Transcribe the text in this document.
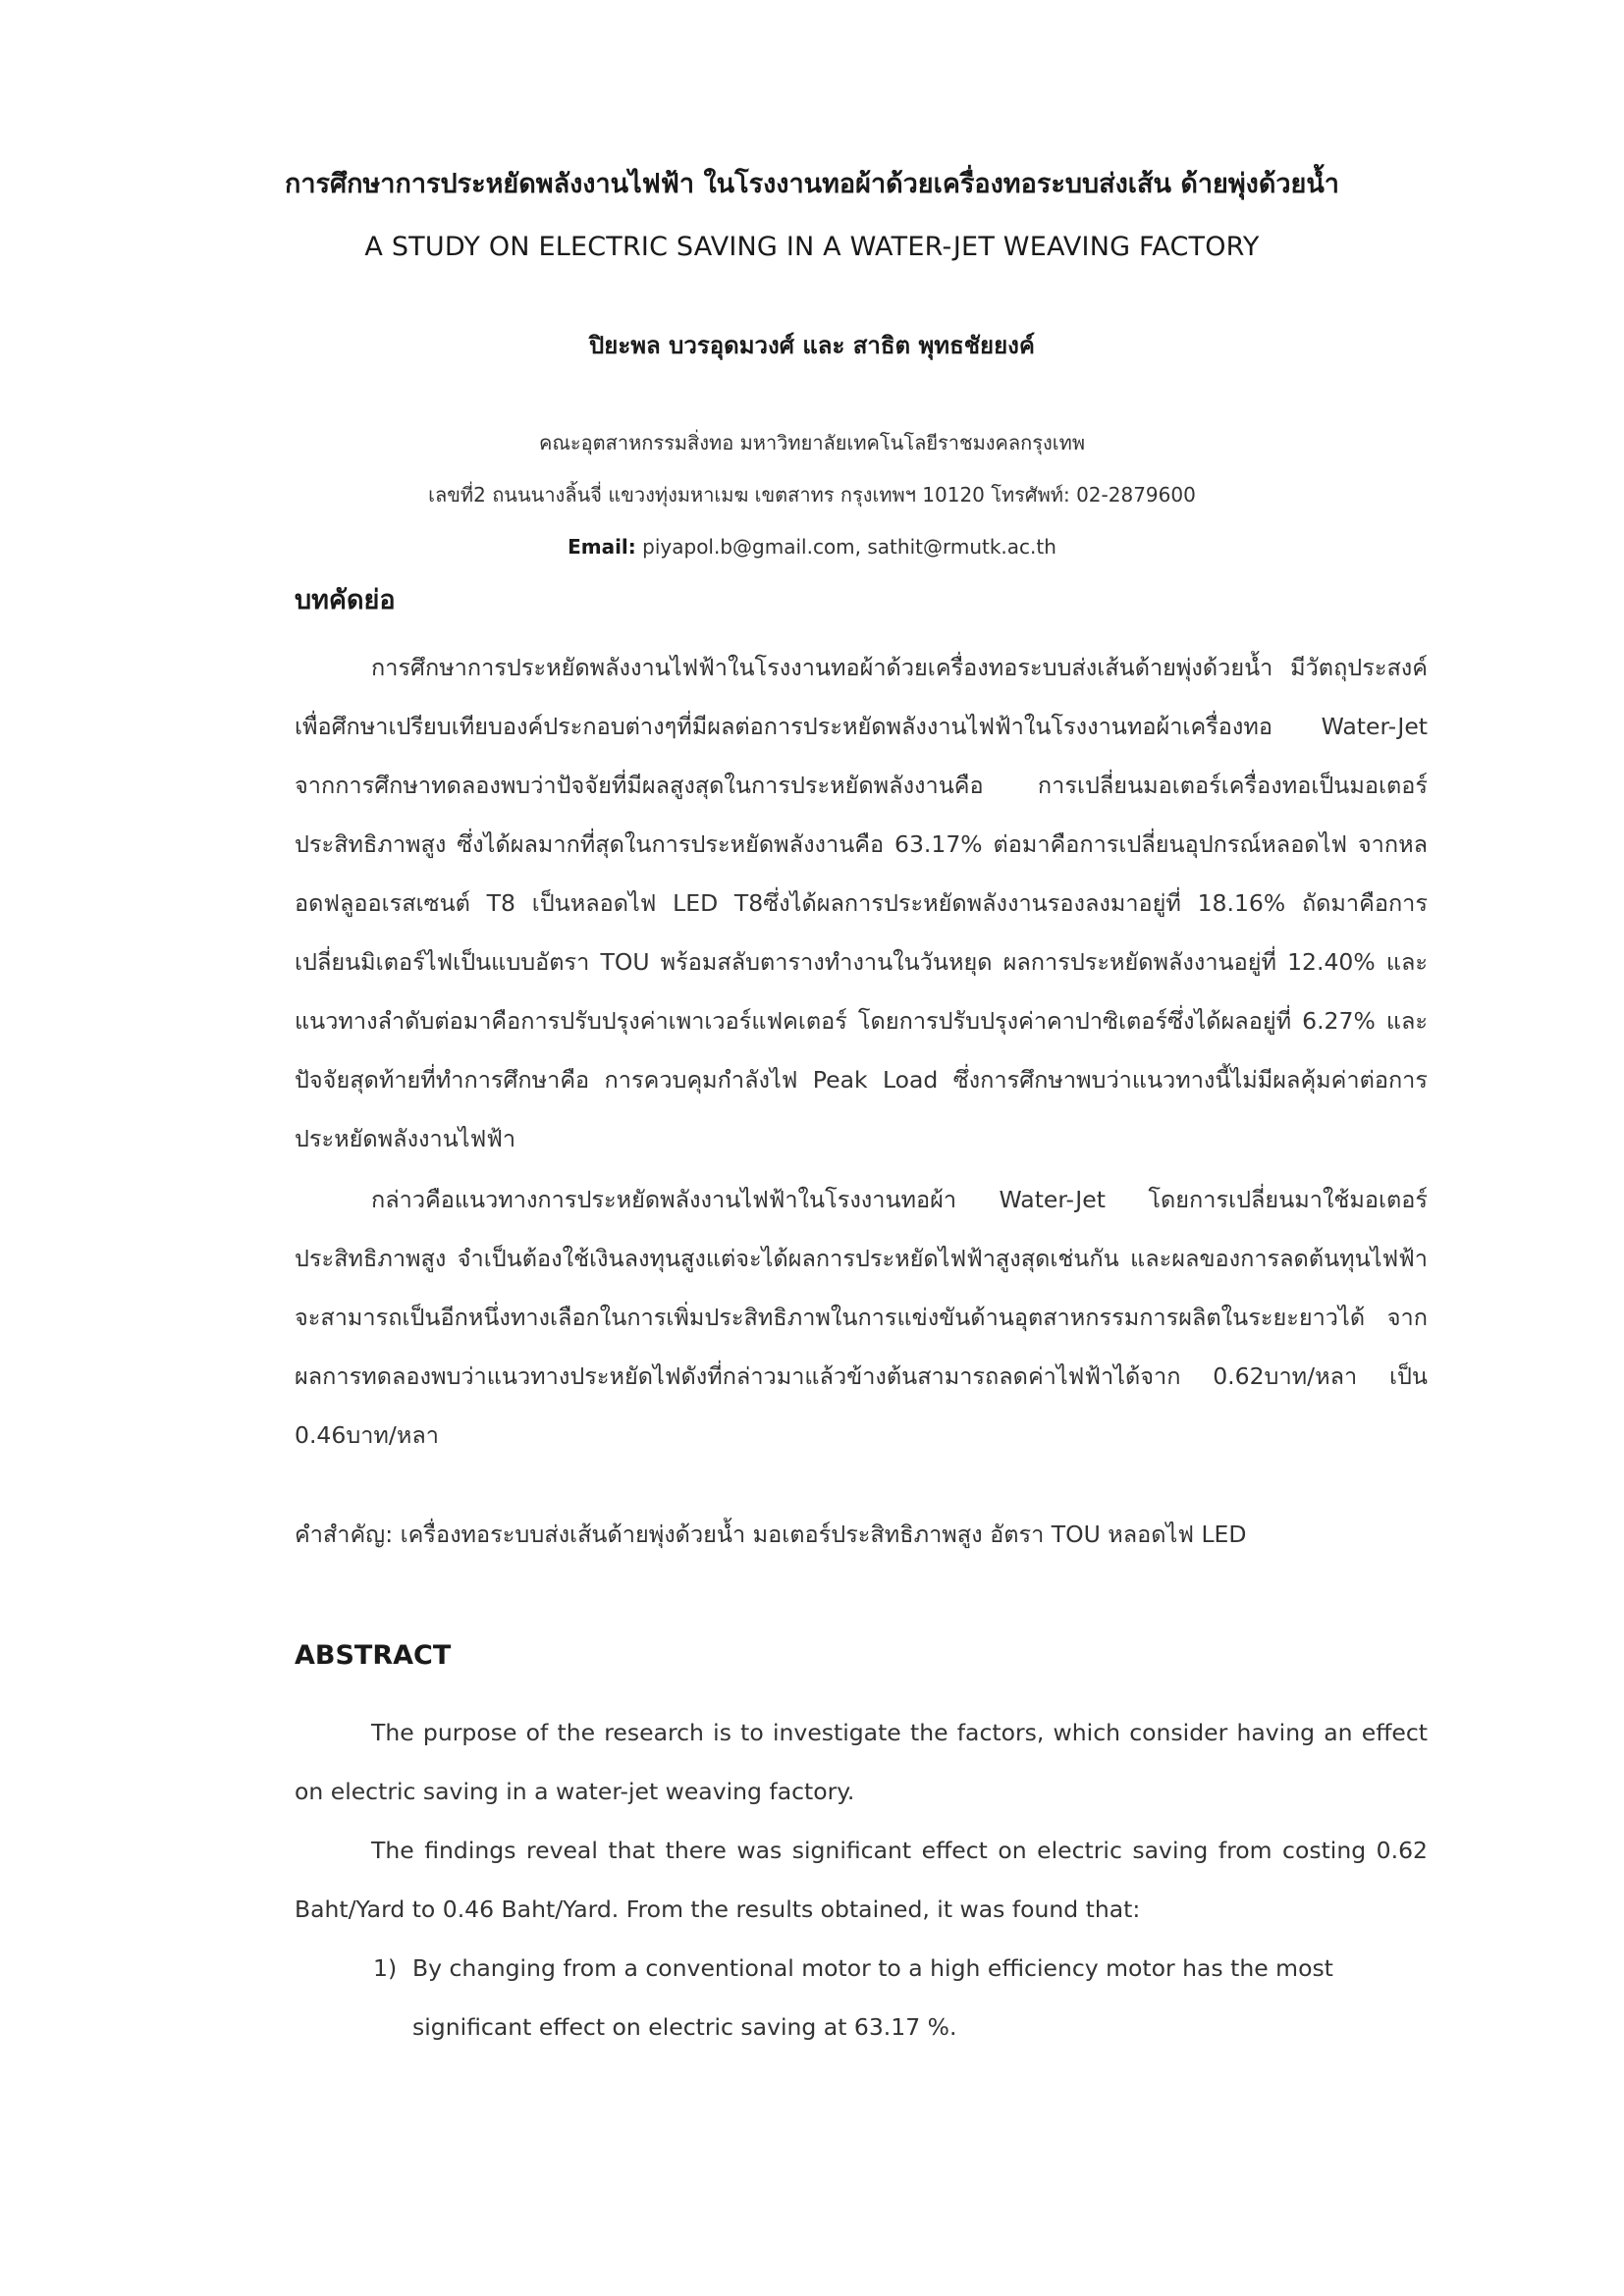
การศึกษาการประหยัดพลังงานไฟฟ้า ในโรงงานทอผ้าด้วยเครื่องทอระบบส่งเส้น ด้ายพุ่งด้วยน้ำ
A STUDY ON ELECTRIC SAVING IN A WATER-JET WEAVING FACTORY
ปิยะพล บวรอุดมวงศ์ และ สาธิต พุทธชัยยงค์
คณะอุตสาหกรรมสิ่งทอ มหาวิทยาลัยเทคโนโลยีราชมงคลกรุงเทพ
เลขที่2 ถนนนางลิ้นจี่ แขวงทุ่งมหาเมฆ เขตสาทร กรุงเทพฯ 10120 โทรศัพท์: 02-2879600
Email: piyapol.b@gmail.com, sathit@rmutk.ac.th
บทคัดย่อ
การศึกษาการประหยัดพลังงานไฟฟ้าในโรงงานทอผ้าด้วยเครื่องทอระบบส่งเส้นด้ายพุ่งด้วยน้ำ มีวัตถุประสงค์เพื่อศึกษาเปรียบเทียบองค์ประกอบต่างๆที่มีผลต่อการประหยัดพลังงานไฟฟ้าในโรงงานทอผ้าเครื่องทอ Water-Jet จากการศึกษาทดลองพบว่าปัจจัยที่มีผลสูงสุดในการประหยัดพลังงานคือ การเปลี่ยนมอเตอร์เครื่องทอเป็นมอเตอร์ประสิทธิภาพสูง ซึ่งได้ผลมากที่สุดในการประหยัดพลังงานคือ 63.17% ต่อมาคือการเปลี่ยนอุปกรณ์หลอดไฟ จากหลอดฟลูออเรสเซนต์ T8 เป็นหลอดไฟ LED T8ซึ่งได้ผลการประหยัดพลังงานรองลงมาอยู่ที่ 18.16% ถัดมาคือการเปลี่ยนมิเตอร์ไฟเป็นแบบอัตรา TOU พร้อมสลับตารางทำงานในวันหยุด ผลการประหยัดพลังงานอยู่ที่ 12.40% และแนวทางลำดับต่อมาคือการปรับปรุงค่าเพาเวอร์แฟคเตอร์ โดยการปรับปรุงค่าคาปาซิเตอร์ซึ่งได้ผลอยู่ที่ 6.27% และปัจจัยสุดท้ายที่ทำการศึกษาคือ การควบคุมกำลังไฟ Peak Load ซึ่งการศึกษาพบว่าแนวทางนี้ไม่มีผลคุ้มค่าต่อการประหยัดพลังงานไฟฟ้า
กล่าวคือแนวทางการประหยัดพลังงานไฟฟ้าในโรงงานทอผ้า Water-Jet โดยการเปลี่ยนมาใช้มอเตอร์ประสิทธิภาพสูง จำเป็นต้องใช้เงินลงทุนสูงแต่จะได้ผลการประหยัดไฟฟ้าสูงสุดเช่นกัน และผลของการลดต้นทุนไฟฟ้าจะสามารถเป็นอีกหนึ่งทางเลือกในการเพิ่มประสิทธิภาพในการแข่งขันด้านอุตสาหกรรมการผลิตในระยะยาวได้ จากผลการทดลองพบว่าแนวทางประหยัดไฟดังที่กล่าวมาแล้วข้างต้นสามารถลดค่าไฟฟ้าได้จาก 0.62บาท/หลา เป็น 0.46บาท/หลา
คำสำคัญ: เครื่องทอระบบส่งเส้นด้ายพุ่งด้วยน้ำ มอเตอร์ประสิทธิภาพสูง อัตรา TOU หลอดไฟ LED
ABSTRACT
The purpose of the research is to investigate the factors, which consider having an effect on electric saving in a water-jet weaving factory.
The findings reveal that there was significant effect on electric saving from costing 0.62 Baht/Yard to 0.46 Baht/Yard. From the results obtained, it was found that:
1) By changing from a conventional motor to a high efficiency motor has the most significant effect on electric saving at 63.17 %.
